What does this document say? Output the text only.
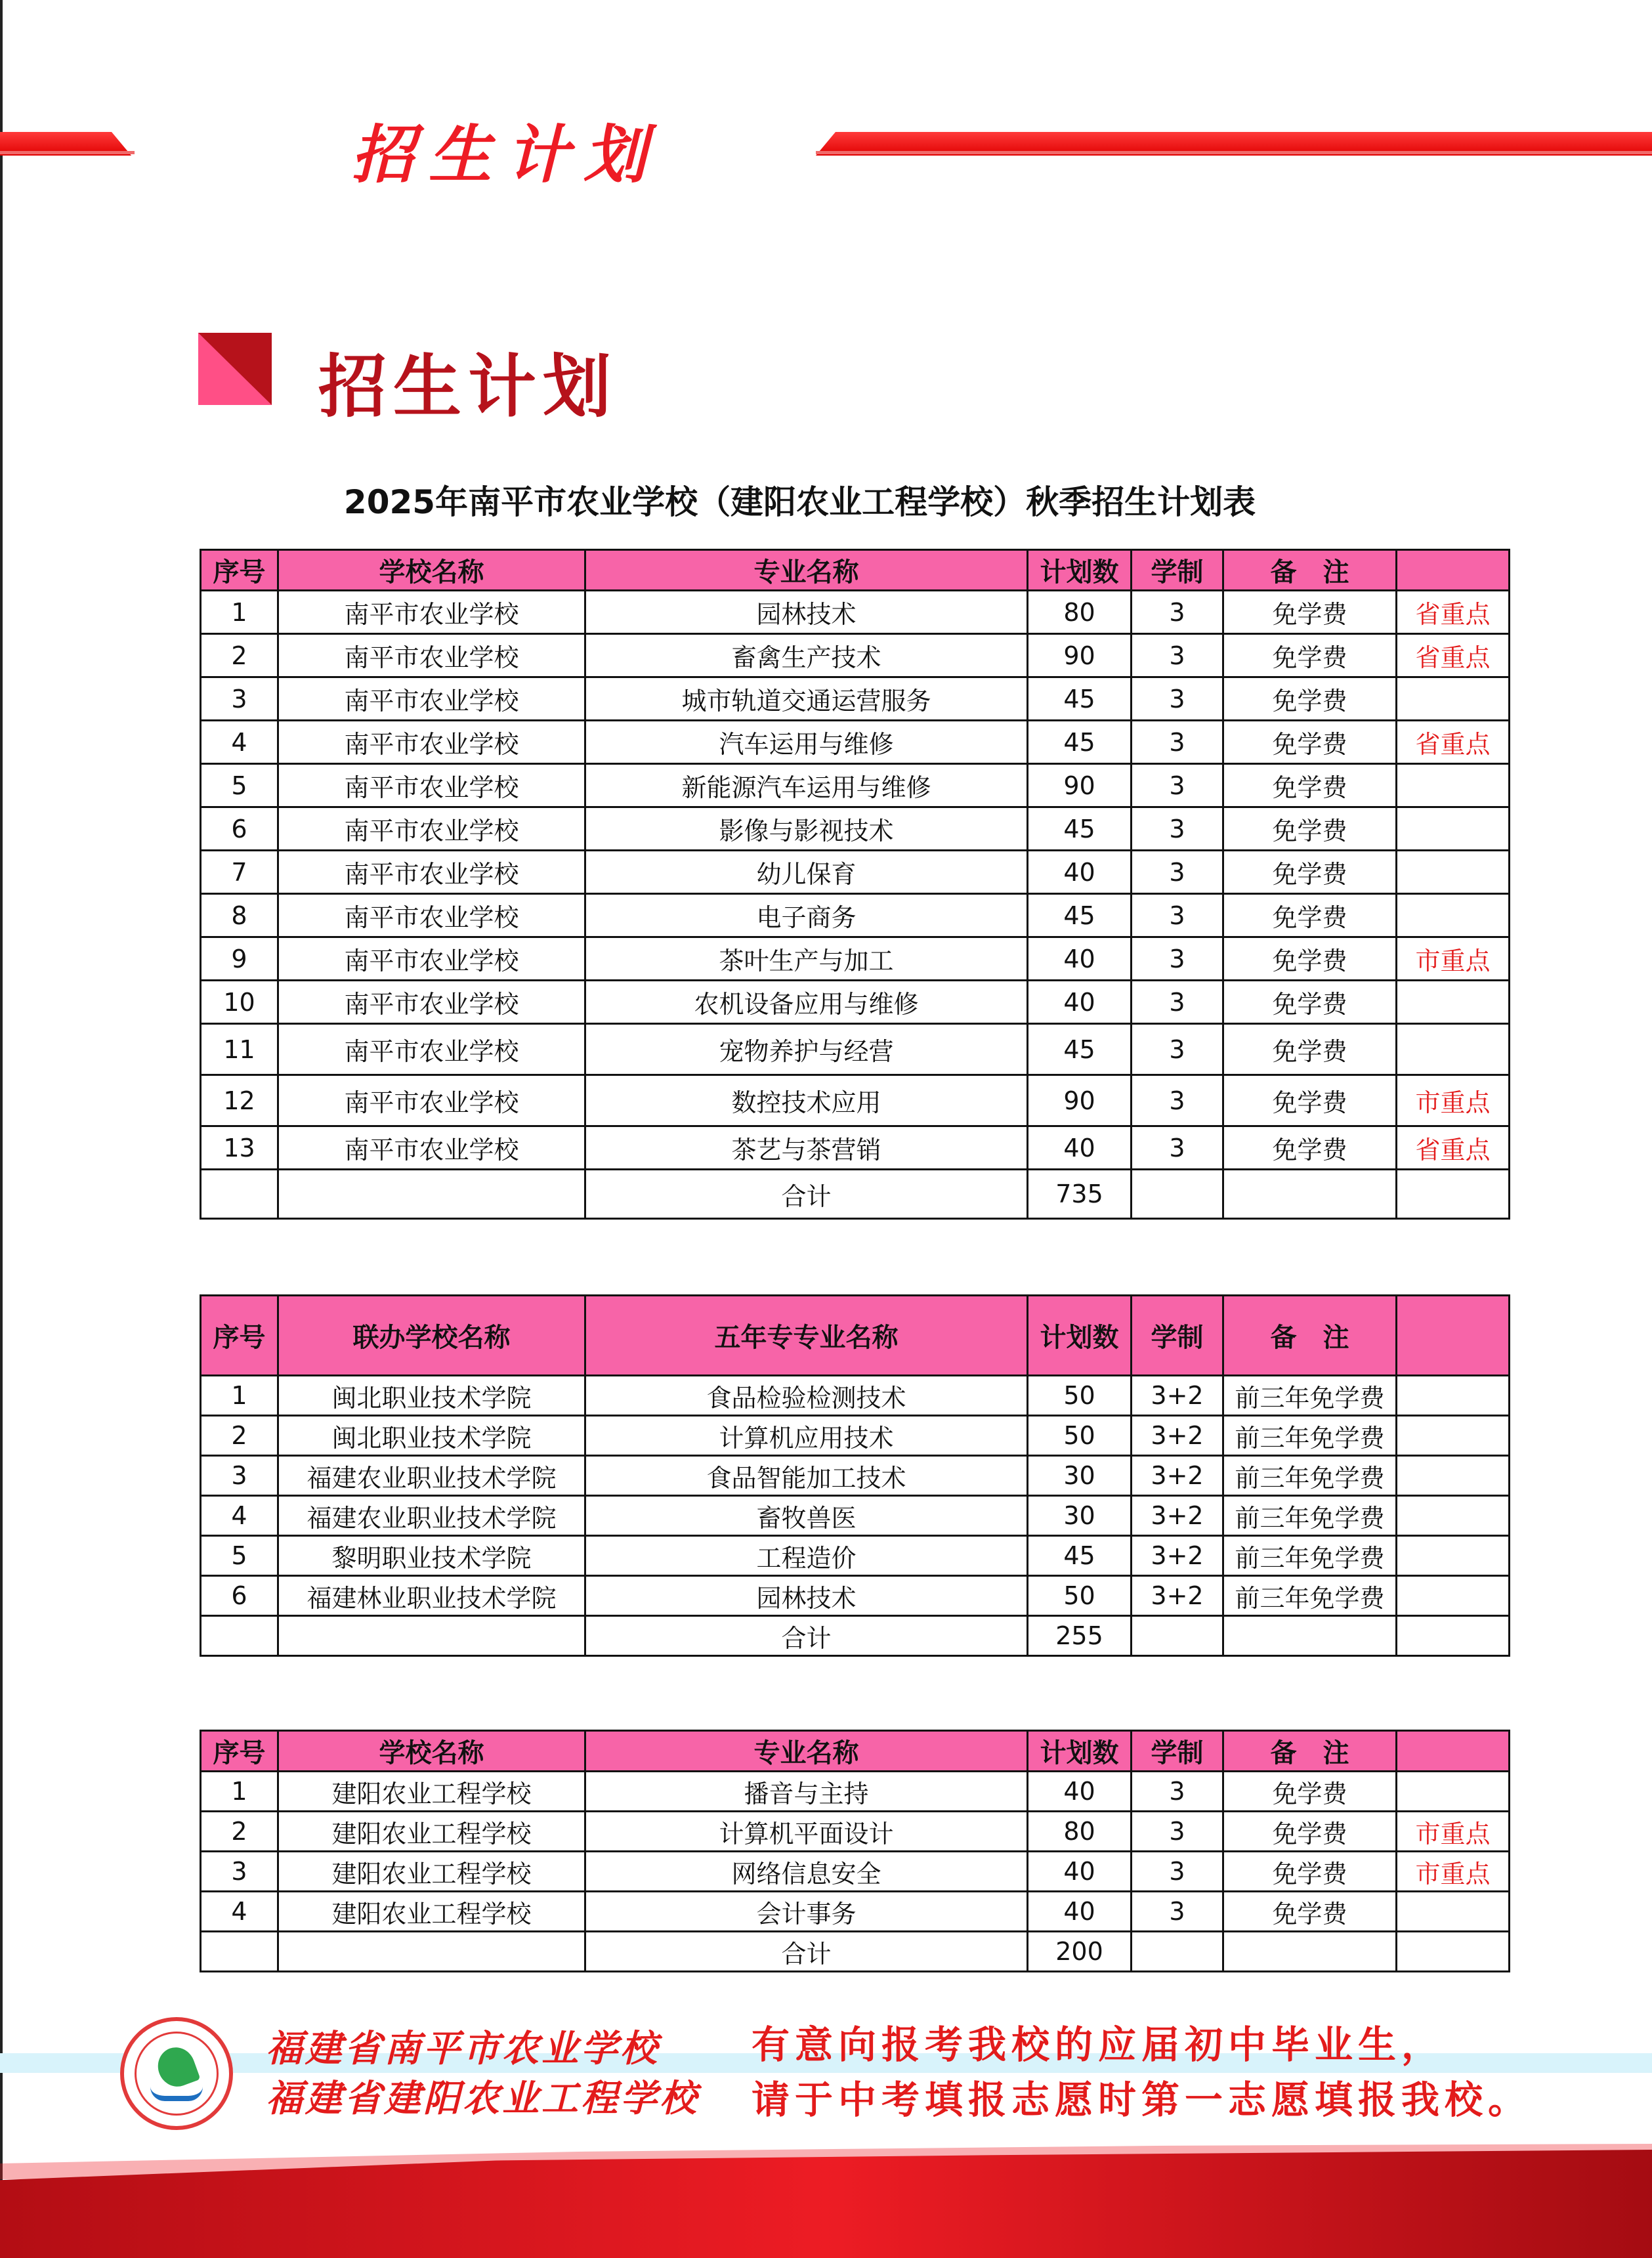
招生计划
招生计划
2025年南平市农业学校（建阳农业工程学校）秋季招生计划表
序号	学校名称	专业名称	计划数	学制	备　注	
1	南平市农业学校	园林技术	80	3	免学费	省重点
2	南平市农业学校	畜禽生产技术	90	3	免学费	省重点
3	南平市农业学校	城市轨道交通运营服务	45	3	免学费	
4	南平市农业学校	汽车运用与维修	45	3	免学费	省重点
5	南平市农业学校	新能源汽车运用与维修	90	3	免学费	
6	南平市农业学校	影像与影视技术	45	3	免学费	
7	南平市农业学校	幼儿保育	40	3	免学费	
8	南平市农业学校	电子商务	45	3	免学费	
9	南平市农业学校	茶叶生产与加工	40	3	免学费	市重点
10	南平市农业学校	农机设备应用与维修	40	3	免学费	
11	南平市农业学校	宠物养护与经营	45	3	免学费	
12	南平市农业学校	数控技术应用	90	3	免学费	市重点
13	南平市农业学校	茶艺与茶营销	40	3	免学费	省重点
		合计	735			
序号	联办学校名称	五年专专业名称	计划数	学制	备　注	
1	闽北职业技术学院	食品检验检测技术	50	3+2	前三年免学费	
2	闽北职业技术学院	计算机应用技术	50	3+2	前三年免学费	
3	福建农业职业技术学院	食品智能加工技术	30	3+2	前三年免学费	
4	福建农业职业技术学院	畜牧兽医	30	3+2	前三年免学费	
5	黎明职业技术学院	工程造价	45	3+2	前三年免学费	
6	福建林业职业技术学院	园林技术	50	3+2	前三年免学费	
		合计	255			
序号	学校名称	专业名称	计划数	学制	备　注	
1	建阳农业工程学校	播音与主持	40	3	免学费	
2	建阳农业工程学校	计算机平面设计	80	3	免学费	市重点
3	建阳农业工程学校	网络信息安全	40	3	免学费	市重点
4	建阳农业工程学校	会计事务	40	3	免学费	
		合计	200			
福建省南平市农业学校
福建省建阳农业工程学校
有意向报考我校的应届初中毕业生，
请于中考填报志愿时第一志愿填报我校。
